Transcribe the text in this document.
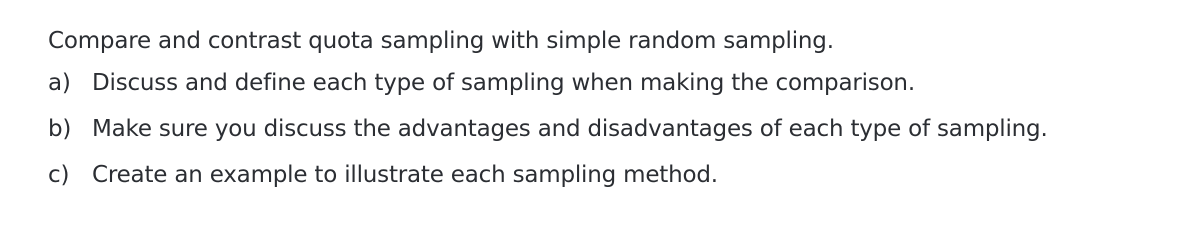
Compare and contrast quota sampling with simple random sampling.
a) Discuss and define each type of sampling when making the comparison.
b) Make sure you discuss the advantages and disadvantages of each type of sampling.
c) Create an example to illustrate each sampling method.
